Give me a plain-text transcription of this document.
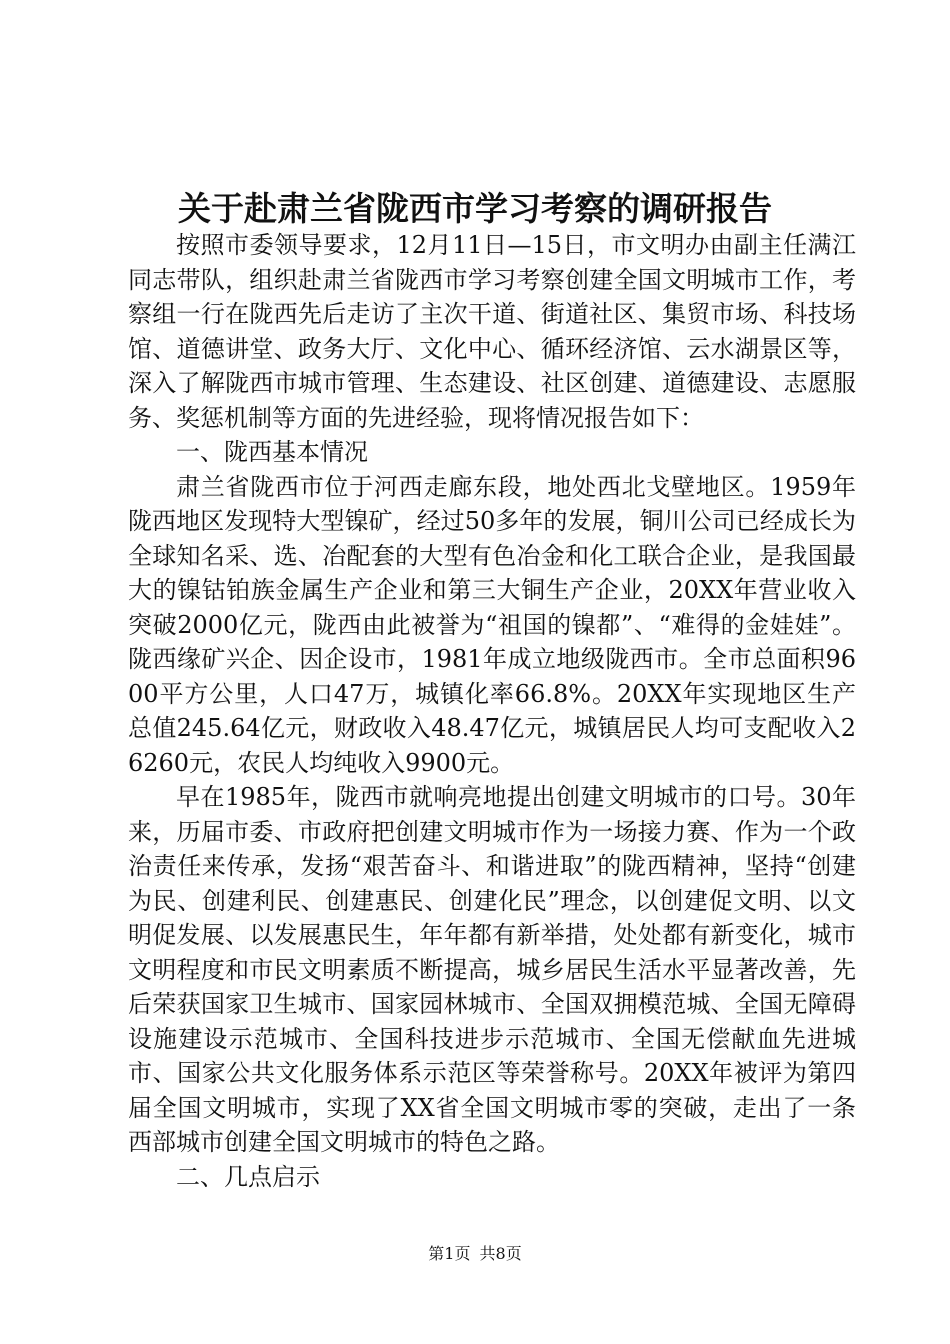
关于赴肃兰省陇西市学习考察的调研报告

按照市委领导要求，12月11日—15日，市文明办由副主任满江同志带队，组织赴肃兰省陇西市学习考察创建全国文明城市工作，考察组一行在陇西先后走访了主次干道、街道社区、集贸市场、科技场馆、道德讲堂、政务大厅、文化中心、循环经济馆、云水湖景区等，深入了解陇西市城市管理、生态建设、社区创建、道德建设、志愿服务、奖惩机制等方面的先进经验，现将情况报告如下：

一、陇西基本情况

肃兰省陇西市位于河西走廊东段，地处西北戈壁地区。1959年陇西地区发现特大型镍矿，经过50多年的发展，铜川公司已经成长为全球知名采、选、冶配套的大型有色冶金和化工联合企业，是我国最大的镍钴铂族金属生产企业和第三大铜生产企业，20XX年营业收入突破2000亿元，陇西由此被誉为“祖国的镍都”、“难得的金娃娃”。陇西缘矿兴企、因企设市，1981年成立地级陇西市。全市总面积9600平方公里，人口47万，城镇化率66.8%。20XX年实现地区生产总值245.64亿元，财政收入48.47亿元，城镇居民人均可支配收入26260元，农民人均纯收入9900元。

早在1985年，陇西市就响亮地提出创建文明城市的口号。30年来，历届市委、市政府把创建文明城市作为一场接力赛、作为一个政治责任来传承，发扬“艰苦奋斗、和谐进取”的陇西精神，坚持“创建为民、创建利民、创建惠民、创建化民”理念，以创建促文明、以文明促发展、以发展惠民生，年年都有新举措，处处都有新变化，城市文明程度和市民文明素质不断提高，城乡居民生活水平显著改善，先后荣获国家卫生城市、国家园林城市、全国双拥模范城、全国无障碍设施建设示范城市、全国科技进步示范城市、全国无偿献血先进城市、国家公共文化服务体系示范区等荣誉称号。20XX年被评为第四届全国文明城市，实现了XX省全国文明城市零的突破，走出了一条西部城市创建全国文明城市的特色之路。

二、几点启示

第1页 共8页
